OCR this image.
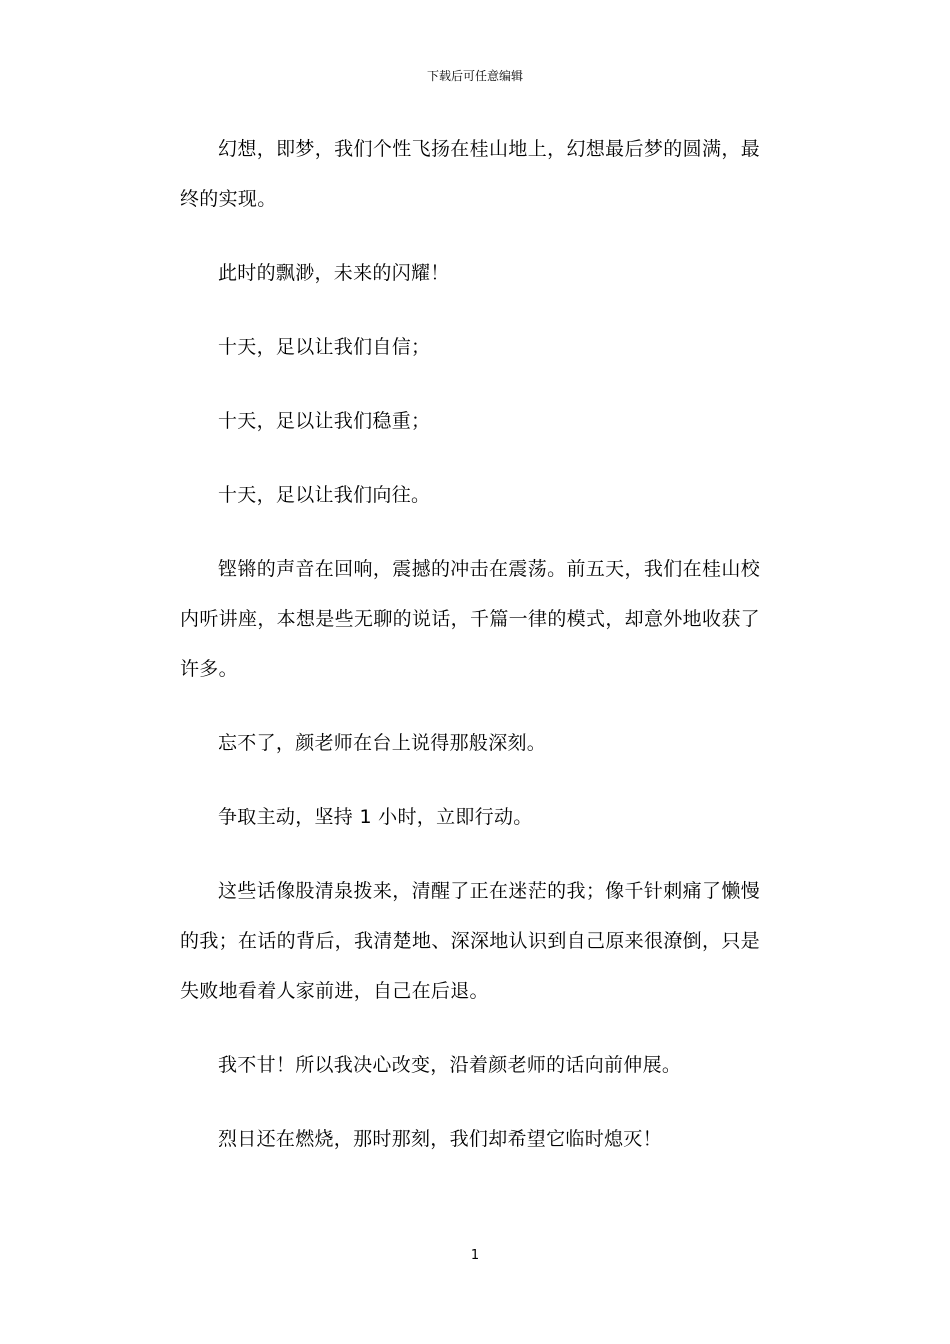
下载后可任意编辑

幻想，即梦，我们个性飞扬在桂山地上，幻想最后梦的圆满，最终的实现。

此时的飘渺，未来的闪耀！

十天，足以让我们自信；

十天，足以让我们稳重；

十天，足以让我们向往。

铿锵的声音在回响，震撼的冲击在震荡。前五天，我们在桂山校内听讲座，本想是些无聊的说话，千篇一律的模式，却意外地收获了许多。

忘不了，颜老师在台上说得那般深刻。

争取主动，坚持 1 小时，立即行动。

这些话像股清泉拨来，清醒了正在迷茫的我；像千针刺痛了懒慢的我；在话的背后，我清楚地、深深地认识到自己原来很潦倒，只是失败地看着人家前进，自己在后退。

我不甘！所以我决心改变，沿着颜老师的话向前伸展。

烈日还在燃烧，那时那刻，我们却希望它临时熄灭！

1
